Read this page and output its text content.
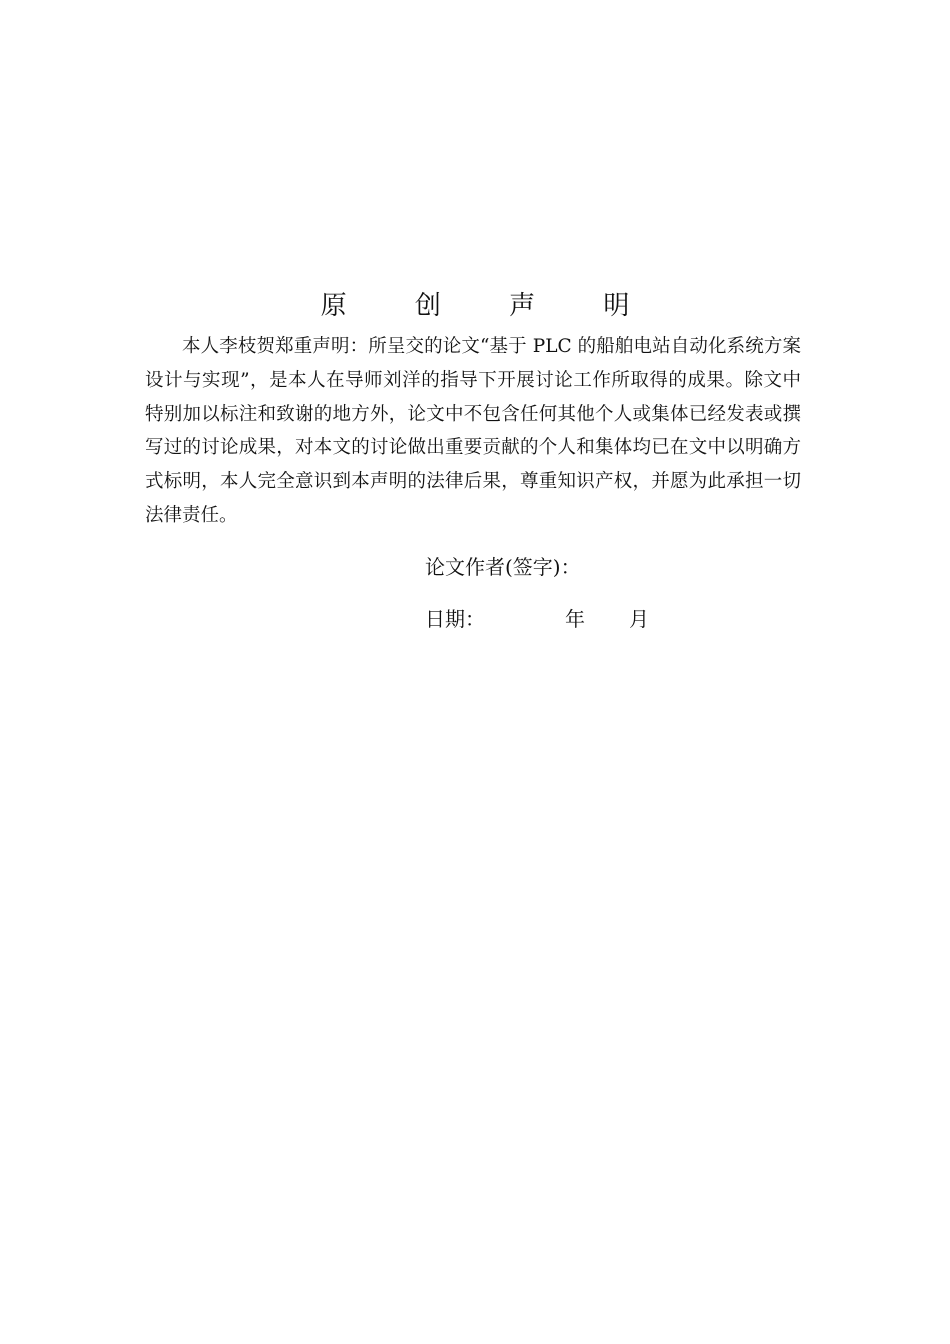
原 创 声 明

本人李枝贺郑重声明：所呈交的论文“基于 PLC 的船舶电站自动化系统方案设计与实现”，是本人在导师刘洋的指导下开展讨论工作所取得的成果。除文中特别加以标注和致谢的地方外，论文中不包含任何其他个人或集体已经发表或撰写过的讨论成果，对本文的讨论做出重要贡献的个人和集体均已在文中以明确方式标明，本人完全意识到本声明的法律后果，尊重知识产权，并愿为此承担一切法律责任。

论文作者(签字)：
日期：	年 月
